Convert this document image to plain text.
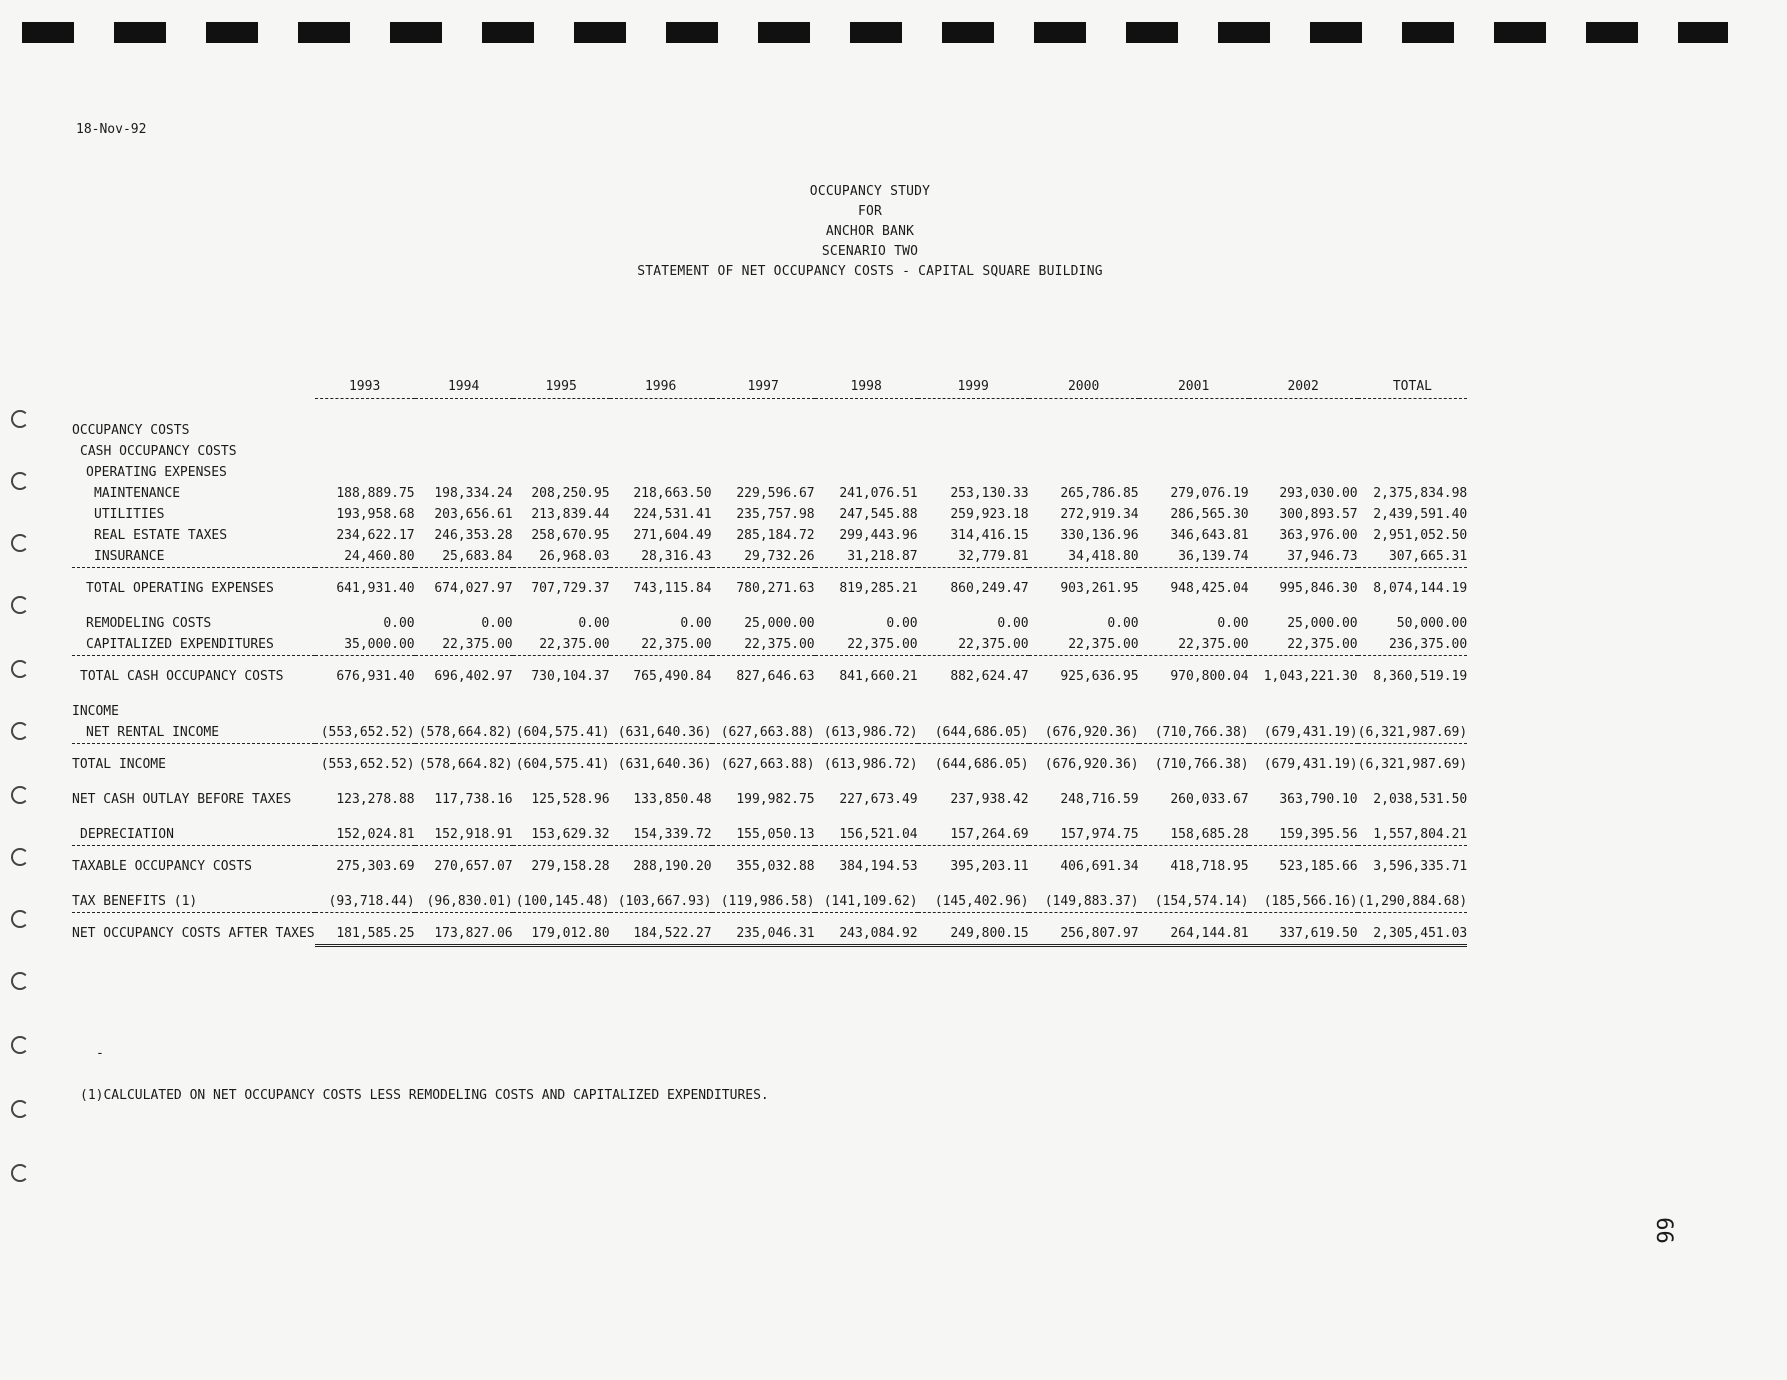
18-Nov-92
OCCUPANCY STUDY
FOR
ANCHOR BANK
SCENARIO TWO
STATEMENT OF NET OCCUPANCY COSTS - CAPITAL SQUARE BUILDING
	1993	1994	1995	1996	1997	1998	1999	2000	2001	2002	TOTAL

OCCUPANCY COSTS											
CASH OCCUPANCY COSTS											
OPERATING EXPENSES											
MAINTENANCE	188,889.75	198,334.24	208,250.95	218,663.50	229,596.67	241,076.51	253,130.33	265,786.85	279,076.19	293,030.00	2,375,834.98
UTILITIES	193,958.68	203,656.61	213,839.44	224,531.41	235,757.98	247,545.88	259,923.18	272,919.34	286,565.30	300,893.57	2,439,591.40
REAL ESTATE TAXES	234,622.17	246,353.28	258,670.95	271,604.49	285,184.72	299,443.96	314,416.15	330,136.96	346,643.81	363,976.00	2,951,052.50
INSURANCE	24,460.80	25,683.84	26,968.03	28,316.43	29,732.26	31,218.87	32,779.81	34,418.80	36,139.74	37,946.73	307,665.31

TOTAL OPERATING EXPENSES	641,931.40	674,027.97	707,729.37	743,115.84	780,271.63	819,285.21	860,249.47	903,261.95	948,425.04	995,846.30	8,074,144.19

REMODELING COSTS	0.00	0.00	0.00	0.00	25,000.00	0.00	0.00	0.00	0.00	25,000.00	50,000.00
CAPITALIZED EXPENDITURES	35,000.00	22,375.00	22,375.00	22,375.00	22,375.00	22,375.00	22,375.00	22,375.00	22,375.00	22,375.00	236,375.00

TOTAL CASH OCCUPANCY COSTS	676,931.40	696,402.97	730,104.37	765,490.84	827,646.63	841,660.21	882,624.47	925,636.95	970,800.04	1,043,221.30	8,360,519.19

INCOME											
NET RENTAL INCOME	(553,652.52)	(578,664.82)	(604,575.41)	(631,640.36)	(627,663.88)	(613,986.72)	(644,686.05)	(676,920.36)	(710,766.38)	(679,431.19)	(6,321,987.69)

TOTAL INCOME	(553,652.52)	(578,664.82)	(604,575.41)	(631,640.36)	(627,663.88)	(613,986.72)	(644,686.05)	(676,920.36)	(710,766.38)	(679,431.19)	(6,321,987.69)

NET CASH OUTLAY BEFORE TAXES	123,278.88	117,738.16	125,528.96	133,850.48	199,982.75	227,673.49	237,938.42	248,716.59	260,033.67	363,790.10	2,038,531.50

DEPRECIATION	152,024.81	152,918.91	153,629.32	154,339.72	155,050.13	156,521.04	157,264.69	157,974.75	158,685.28	159,395.56	1,557,804.21

TAXABLE OCCUPANCY COSTS	275,303.69	270,657.07	279,158.28	288,190.20	355,032.88	384,194.53	395,203.11	406,691.34	418,718.95	523,185.66	3,596,335.71

TAX BENEFITS (1)	(93,718.44)	(96,830.01)	(100,145.48)	(103,667.93)	(119,986.58)	(141,109.62)	(145,402.96)	(149,883.37)	(154,574.14)	(185,566.16)	(1,290,884.68)

NET OCCUPANCY COSTS AFTER TAXES	181,585.25	173,827.06	179,012.80	184,522.27	235,046.31	243,084.92	249,800.15	256,807.97	264,144.81	337,619.50	2,305,451.03

-
(1)CALCULATED ON NET OCCUPANCY COSTS LESS REMODELING COSTS AND CAPITALIZED EXPENDITURES.
66
